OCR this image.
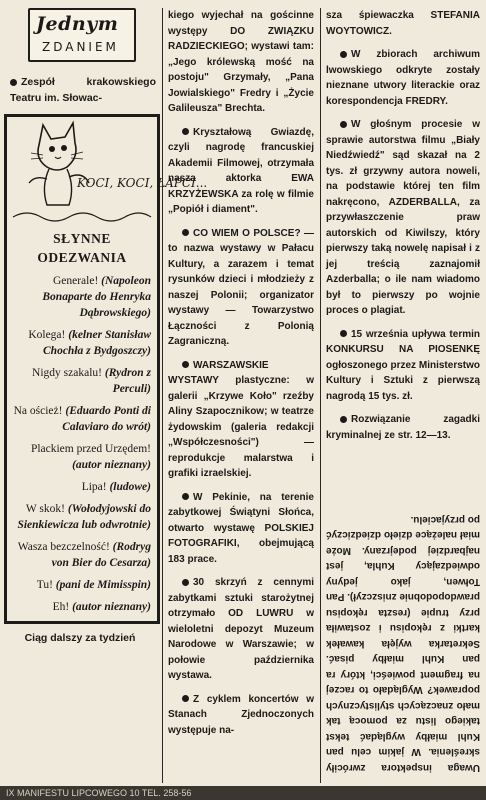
Jednym
ZDANIEM
Zespół krakowskiego Teatru im. Słowac-
KOCI, KOCI, ŁAPCI...
SŁYNNE
ODEZWANIA
Generale! (Napoleon Bonaparte do Henryka Dąbrowskiego)
Kolega! (kelner Stanisław Chochła z Bydgoszczy)
Nigdy szakalu! (Rydron z Perculi)
Na oścież! (Eduardo Ponti di Calaviaro do wrót)
Plackiem przed Urzędem! (autor nieznany)
Lipa! (ludowe)
W skok! (Wołodyjowski do Sienkiewicza lub odwrotnie)
Wasza bezczelność! (Rodryg von Bier do Cesarza)
Tu! (pani de Mimisspin)
Eh! (autor nieznany)
Ciąg dalszy za tydzień

kiego wyjechał na gościnne występy DO ZWIĄZKU RADZIECKIEGO; wystawi tam: „Jego królewską mość na postoju" Grzymały, „Pana Jowialskiego" Fredry i „Życie Galileusza" Brechta.

Kryształową Gwiazdę, czyli nagrodę francuskiej Akademii Filmowej, otrzymała nasza aktorka EWA KRZYŻEWSKA za rolę w filmie „Popiół i diament".

CO WIEM O POLSCE? — to nazwa wystawy w Pałacu Kultury, a zarazem i temat rysunków dzieci i młodzieży z naszej Polonii; organizator wystawy — Towarzystwo Łączności z Polonią Zagraniczną.

WARSZAWSKIE WYSTAWY plastyczne: w galerii „Krzywe Koło" rzeźby Aliny Szapocznikow; w teatrze żydowskim (galeria redakcji „Współczesności") — reprodukcje malarstwa i grafiki izraelskiej.

W Pekinie, na terenie zabytkowej Świątyni Słońca, otwarto wystawę POLSKIEJ FOTOGRAFIKI, obejmującą 183 prace.

30 skrzyń z cennymi zabytkami sztuki starożytnej otrzymało OD LUWRU w wieloletni depozyt Muzeum Narodowe w Warszawie; w połowie października wystawa.

Z cyklem koncertów w Stanach Zjednoczonych występuje na-

sza śpiewaczka STEFANIA WOYTOWICZ.

W zbiorach archiwum lwowskiego odkryte zostały nieznane utwory literackie oraz korespondencja FREDRY.

W głośnym procesie w sprawie autorstwa filmu „Biały Niedźwiedź" sąd skazał na 2 tys. zł grzywny autora noweli, na podstawie której ten film nakręcono, AZDERBALLA, za przywłaszczenie praw autorskich od Kiwilszy, który pierwszy taką nowelę napisał i z jej treścią zaznajomił Azderballa; o ile nam wiadomo był to pierwszy po wojnie proces o plagiat.

15 września upływa termin KONKURSU NA PIOSENKĘ ogłoszonego przez Ministerstwo Kultury i Sztuki z pierwszą nagrodą 15 tys. zł.

Rozwiązanie zagadki kryminalnej ze str. 12—13.

Uwaga inspektora zwróciły skreślenia. W jakim celu pan Kuhl miałby wyglądać tekst takiego listu za pomocą tak mało znaczących stylistycznych poprawek? Wyglądało to raczej na fragment powieści, który ra pan Kuhl miałby pisać. Sekretarka wyjęła kawałek kartki z rękopisu i zostawiła przy trupie (reszta rękopisu prawdopodobnie zniszczył). Pan Tołwen, jako jedyny odwiedzający Kuhla, jest najbardziej podejrzany. Może miał należące dzieło dziedziczyć po przyjacielu.

IX MANIFESTU LIPCOWEGO 10 TEL. 258-56
